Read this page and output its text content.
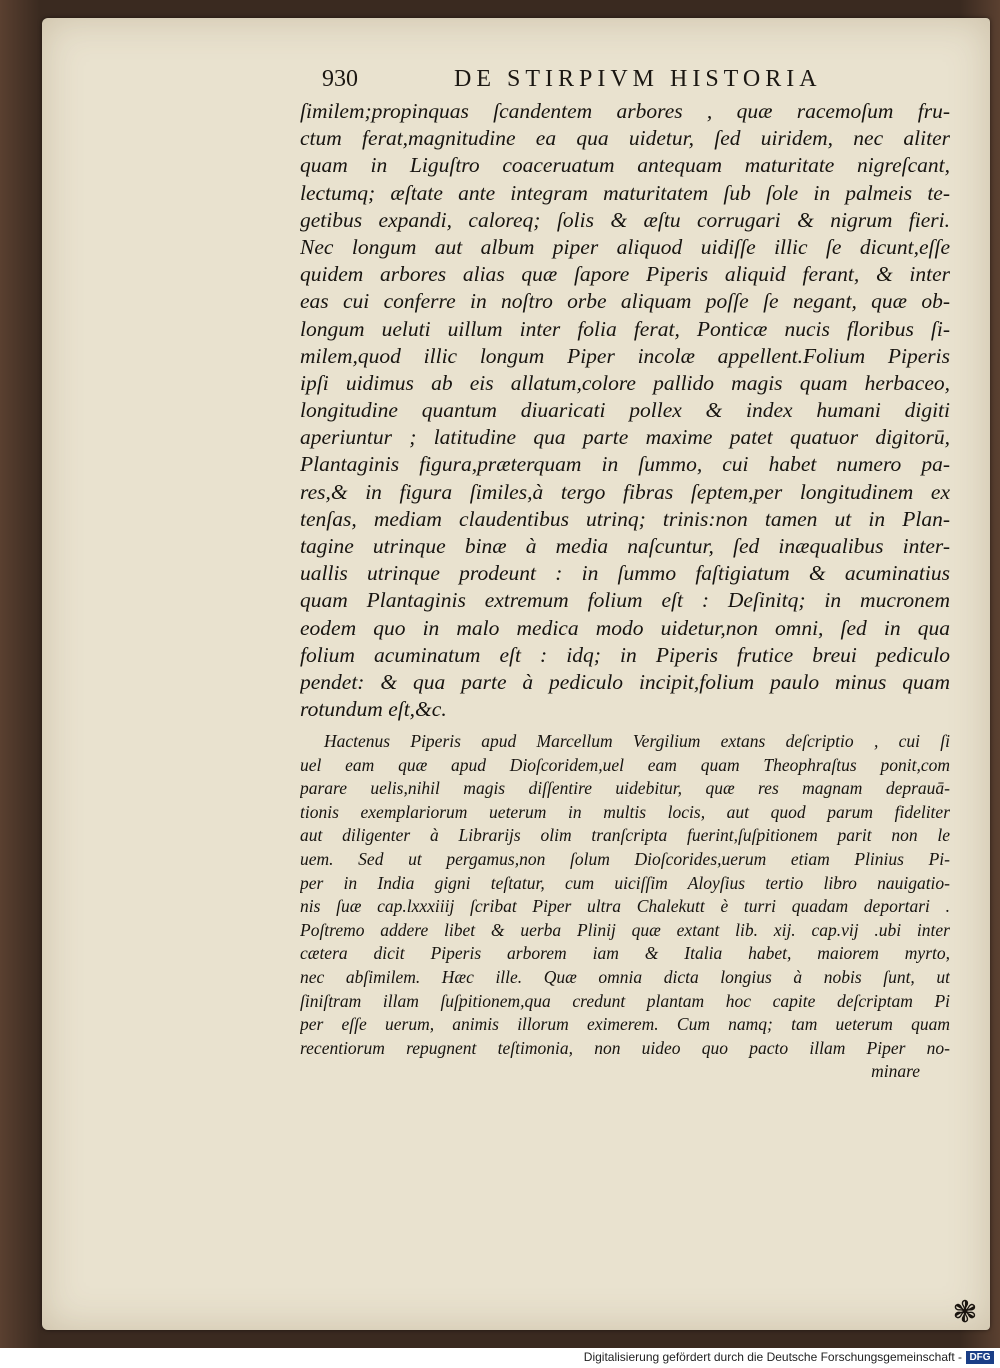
930	DE STIRPIVM HISTORIA
ſimilem;propinquas ſcandentem arbores , quæ racemoſum fru-
ctum ferat,magnitudine ea qua uidetur, ſed uiridem, nec aliter
quam in Liguſtro coaceruatum antequam maturitate nigreſcant,
lectumq; æſtate ante integram maturitatem ſub ſole in palmeis te-
getibus expandi, caloreq; ſolis & æſtu corrugari & nigrum fieri.
Nec longum aut album piper aliquod uidiſſe illic ſe dicunt,eſſe
quidem arbores alias quæ ſapore Piperis aliquid ferant, & inter
eas cui conferre in noſtro orbe aliquam poſſe ſe negant, quæ ob-
longum ueluti uillum inter folia ferat, Ponticæ nucis floribus ſi-
milem,quod illic longum Piper incolæ appellent.Folium Piperis
ipſi uidimus ab eis allatum,colore pallido magis quam herbaceo,
longitudine quantum diuaricati pollex & index humani digiti
aperiuntur ; latitudine qua parte maxime patet quatuor digitorū,
Plantaginis figura,præterquam in ſummo, cui habet numero pa-
res,& in figura ſimiles,à tergo fibras ſeptem,per longitudinem ex
tenſas, mediam claudentibus utrinq; trinis:non tamen ut in Plan-
tagine utrinque binæ à media naſcuntur, ſed inæqualibus inter-
uallis utrinque prodeunt : in ſummo faſtigiatum & acuminatius
quam Plantaginis extremum folium eſt : Deſinitq; in mucronem
eodem quo in malo medica modo uidetur,non omni, ſed in qua
folium acuminatum eſt : idq; in Piperis frutice breui pediculo
pendet: & qua parte à pediculo incipit,folium paulo minus quam
rotundum eſt,&c.
Hactenus Piperis apud Marcellum Vergilium extans deſcriptio , cui ſi
uel eam quæ apud Dioſcoridem,uel eam quam Theophraſtus ponit,com
parare uelis,nihil magis diſſentire uidebitur, quæ res magnam deprauā-
tionis exemplariorum ueterum in multis locis, aut quod parum fideliter
aut diligenter à Librarijs olim tranſcripta fuerint,ſuſpitionem parit non le
uem. Sed ut pergamus,non ſolum Dioſcorides,uerum etiam Plinius Pi-
per in India gigni teſtatur, cum uiciſſim Aloyſius tertio libro nauigatio-
nis ſuæ cap.lxxxiiij ſcribat Piper ultra Chalekutt è turri quadam deportari .
Poſtremo addere libet & uerba Plinij quæ extant lib. xij. cap.vij .ubi inter
cætera dicit Piperis arborem iam & Italia habet, maiorem myrto,
nec abſimilem. Hæc ille. Quæ omnia dicta longius à nobis ſunt, ut
ſiniſtram illam ſuſpitionem,qua credunt plantam hoc capite deſcriptam Pi
per eſſe uerum, animis illorum eximerem. Cum namq; tam ueterum quam
recentiorum repugnent teſtimonia, non uideo quo pacto illam Piper no-
minare
❃
Digitalisierung gefördert durch die Deutsche Forschungsgemeinschaft - DFG
